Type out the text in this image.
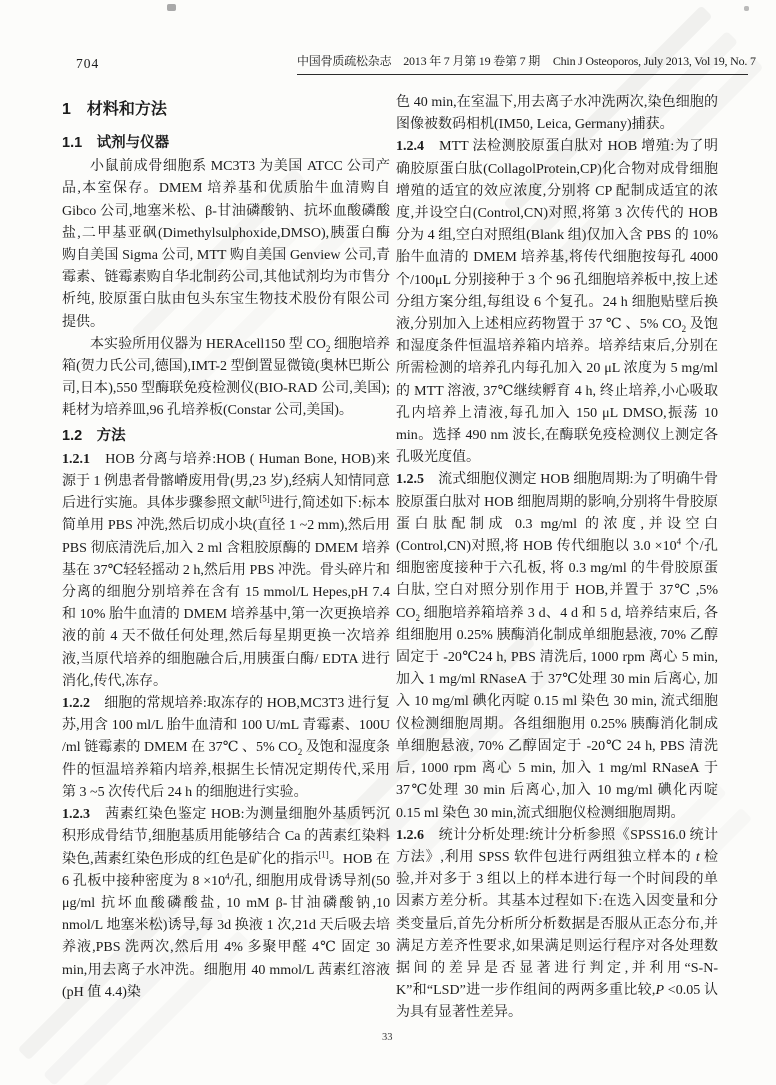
704	中国骨质疏松杂志　2013 年 7 月第 19 卷第 7 期 Chin J Osteoporos, July 2013, Vol 19, No. 7
1　材料和方法
1.1　试剂与仪器
小鼠前成骨细胞系 MC3T3 为美国 ATCC 公司产品,本室保存。DMEM 培养基和优质胎牛血清购自 Gibco 公司,地塞米松、β-甘油磷酸钠、抗坏血酸磷酸盐,二甲基亚砜(Dimethylsulphoxide,DMSO),胰蛋白酶购自美国 Sigma 公司, MTT 购自美国 Genview 公司,青霉素、链霉素购自华北制药公司,其他试剂均为市售分析纯, 胶原蛋白肽由包头东宝生物技术股份有限公司提供。
本实验所用仪器为 HERAcell150 型 $CO_2$ 细胞培养箱(贺力氏公司,德国),IMT-2 型倒置显微镜(奥林巴斯公司,日本),550 型酶联免疫检测仪(BIO-RAD 公司,美国);耗材为培养皿,96 孔培养板(Constar 公司,美国)。
1.2　方法
1.2.1　HOB 分离与培养:HOB ( Human Bone, HOB)来源于 1 例患者骨髂嵴废用骨(男,23 岁),经病人知情同意后进行实施。具体步骤参照文献[5]进行,简述如下:标本简单用 PBS 冲洗,然后切成小块(直径 1 ~2 mm),然后用 PBS 彻底清洗后,加入 2 ml 含粗胶原酶的 DMEM 培养基在 37℃轻轻摇动 2 h,然后用 PBS 冲洗。骨头碎片和分离的细胞分别培养在含有 15 mmol/L Hepes,pH 7.4 和 10% 胎牛血清的 DMEM 培养基中,第一次更换培养液的前 4 天不做任何处理,然后每星期更换一次培养液,当原代培养的细胞融合后,用胰蛋白酶/ EDTA 进行消化,传代,冻存。
1.2.2　细胞的常规培养:取冻存的 HOB,MC3T3 进行复苏,用含 100 ml/L 胎牛血清和 100 U/mL 青霉素、100U /ml 链霉素的 DMEM 在 37℃ 、5% $CO_2$ 及饱和湿度条件的恒温培养箱内培养,根据生长情况定期传代,采用第 3 ~5 次传代后 24 h 的细胞进行实验。
1.2.3　茜素红染色鉴定 HOB:为测量细胞外基质钙沉积形成骨结节,细胞基质用能够结合 Ca 的茜素红染料染色,茜素红染色形成的红色是矿化的指示[1]。HOB 在 6 孔板中接种密度为 $8 \times 10^4/$孔, 细胞用成骨诱导剂(50 μg/ml 抗坏血酸磷酸盐, 10 mM β-甘油磷酸钠,10 nmol/L 地塞米松)诱导,每 3d 换液 1 次,21d 天后吸去培养液,PBS 洗两次,然后用 4% 多聚甲醛 4℃ 固定 30 min,用去离子水冲洗。细胞用 40 mmol/L 茜素红溶液(pH 值 4.4)染
色 40 min,在室温下,用去离子水冲洗两次,染色细胞的图像被数码相机(IM50, Leica, Germany)捕获。
1.2.4　MTT 法检测胶原蛋白肽对 HOB 增殖:为了明确胶原蛋白肽(CollagolProtein,CP)化合物对成骨细胞增殖的适宜的效应浓度,分别将 CP 配制成适宜的浓度,并设空白(Control,CN)对照,将第 3 次传代的 HOB 分为 4 组,空白对照组(Blank 组)仅加入含 PBS 的 10% 胎牛血清的 DMEM 培养基,将传代细胞按每孔 4000 个/100μL 分别接种于 3 个 96 孔细胞培养板中,按上述分组方案分组,每组设 6 个复孔。24 h 细胞贴壁后换液,分别加入上述相应药物置于 37 ℃ 、5% $CO_2$ 及饱和湿度条件恒温培养箱内培养。培养结束后,分别在所需检测的培养孔内每孔加入 20 μL 浓度为 5 mg/ml 的 MTT 溶液, 37℃继续孵育 4 h, 终止培养,小心吸取孔内培养上清液,每孔加入 150 μL DMSO,振荡 10 min。选择 490 nm 波长,在酶联免疫检测仪上测定各孔吸光度值。
1.2.5　流式细胞仪测定 HOB 细胞周期:为了明确牛骨胶原蛋白肽对 HOB 细胞周期的影响,分别将牛骨胶原蛋白肽配制成 0.3 mg/ml 的浓度,并设空白(Control,CN)对照,将 HOB 传代细胞以 $3.0 \times 10^4$ 个/孔细胞密度接种于六孔板, 将 0.3 mg/ml 的牛骨胶原蛋白肽, 空白对照分别作用于 HOB,并置于 37℃ ,5% $CO_2$ 细胞培养箱培养 3 d、4 d 和 5 d, 培养结束后, 各组细胞用 0.25% 胰酶消化制成单细胞悬液, 70% 乙醇固定于 -20℃24 h, PBS 清洗后, 1000 rpm 离心 5 min, 加入 1 mg/ml RNaseA 于 37℃处理 30 min 后离心, 加入 10 mg/ml 碘化丙啶 0.15 ml 染色 30 min, 流式细胞仪检测细胞周期。各组细胞用 0.25% 胰酶消化制成单细胞悬液, 70% 乙醇固定于 -20℃ 24 h, PBS 清洗后, 1000 rpm 离心 5 min, 加入 1 mg/ml RNaseA 于 37℃处理 30 min 后离心,加入 10 mg/ml 碘化丙啶 0.15 ml 染色 30 min,流式细胞仪检测细胞周期。
1.2.6　统计分析处理:统计分析参照《SPSS16.0 统计方法》,利用 SPSS 软件包进行两组独立样本的 t 检验,并对多于 3 组以上的样本进行每一个时间段的单因素方差分析。其基本过程如下:在选入因变量和分类变量后,首先分析所分析数据是否服从正态分布,并满足方差齐性要求,如果满足则运行程序对各处理数据间的差异是否显著进行判定,并利用“S-N-K”和“LSD”进一步作组间的两两多重比较,P <0.05 认为具有显著性差异。
33
